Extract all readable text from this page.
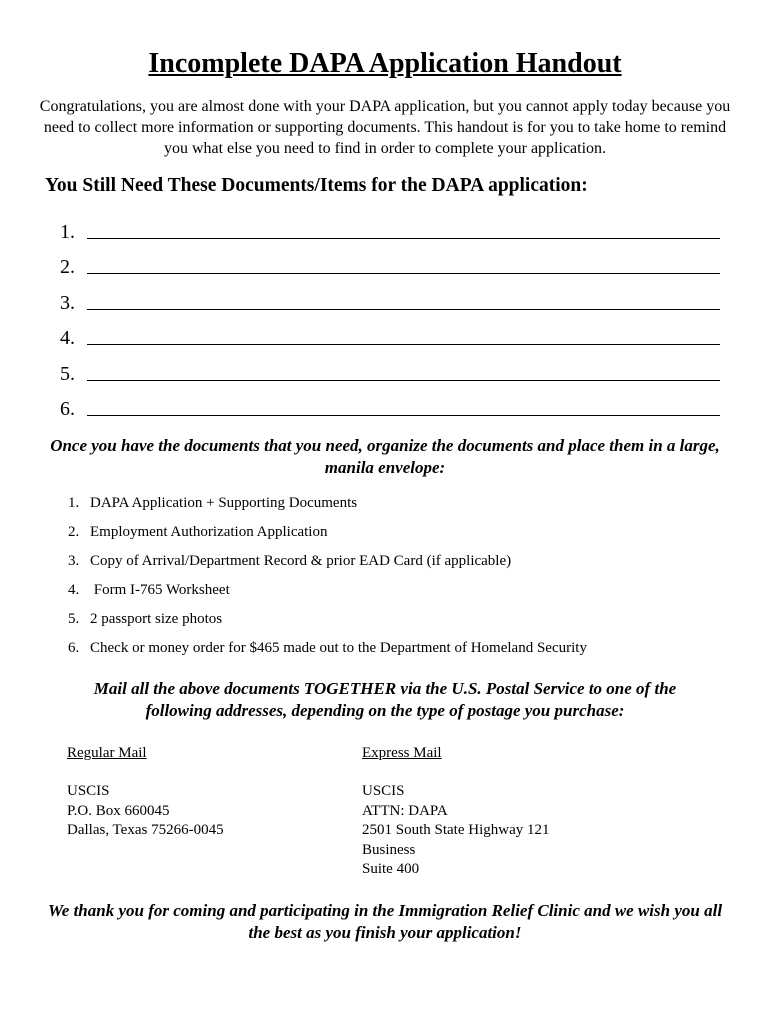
Incomplete DAPA Application Handout
Congratulations, you are almost done with your DAPA application, but you cannot apply today because you need to collect more information or supporting documents. This handout is for you to take home to remind you what else you need to find in order to complete your application.
You Still Need These Documents/Items for the DAPA application:
1.
2.
3.
4.
5.
6.
Once you have the documents that you need, organize the documents and place them in a large, manila envelope:
1. DAPA Application + Supporting Documents
2. Employment Authorization Application
3. Copy of Arrival/Department Record & prior EAD Card (if applicable)
4. Form I-765 Worksheet
5. 2 passport size photos
6. Check or money order for $465 made out to the Department of Homeland Security
Mail all the above documents TOGETHER via the U.S. Postal Service to one of the following addresses, depending on the type of postage you purchase:
Regular Mail
USCIS
P.O. Box 660045
Dallas, Texas 75266-0045
Express Mail
USCIS
ATTN: DAPA
2501 South State Highway 121
Business
Suite 400
We thank you for coming and participating in the Immigration Relief Clinic and we wish you all the best as you finish your application!
